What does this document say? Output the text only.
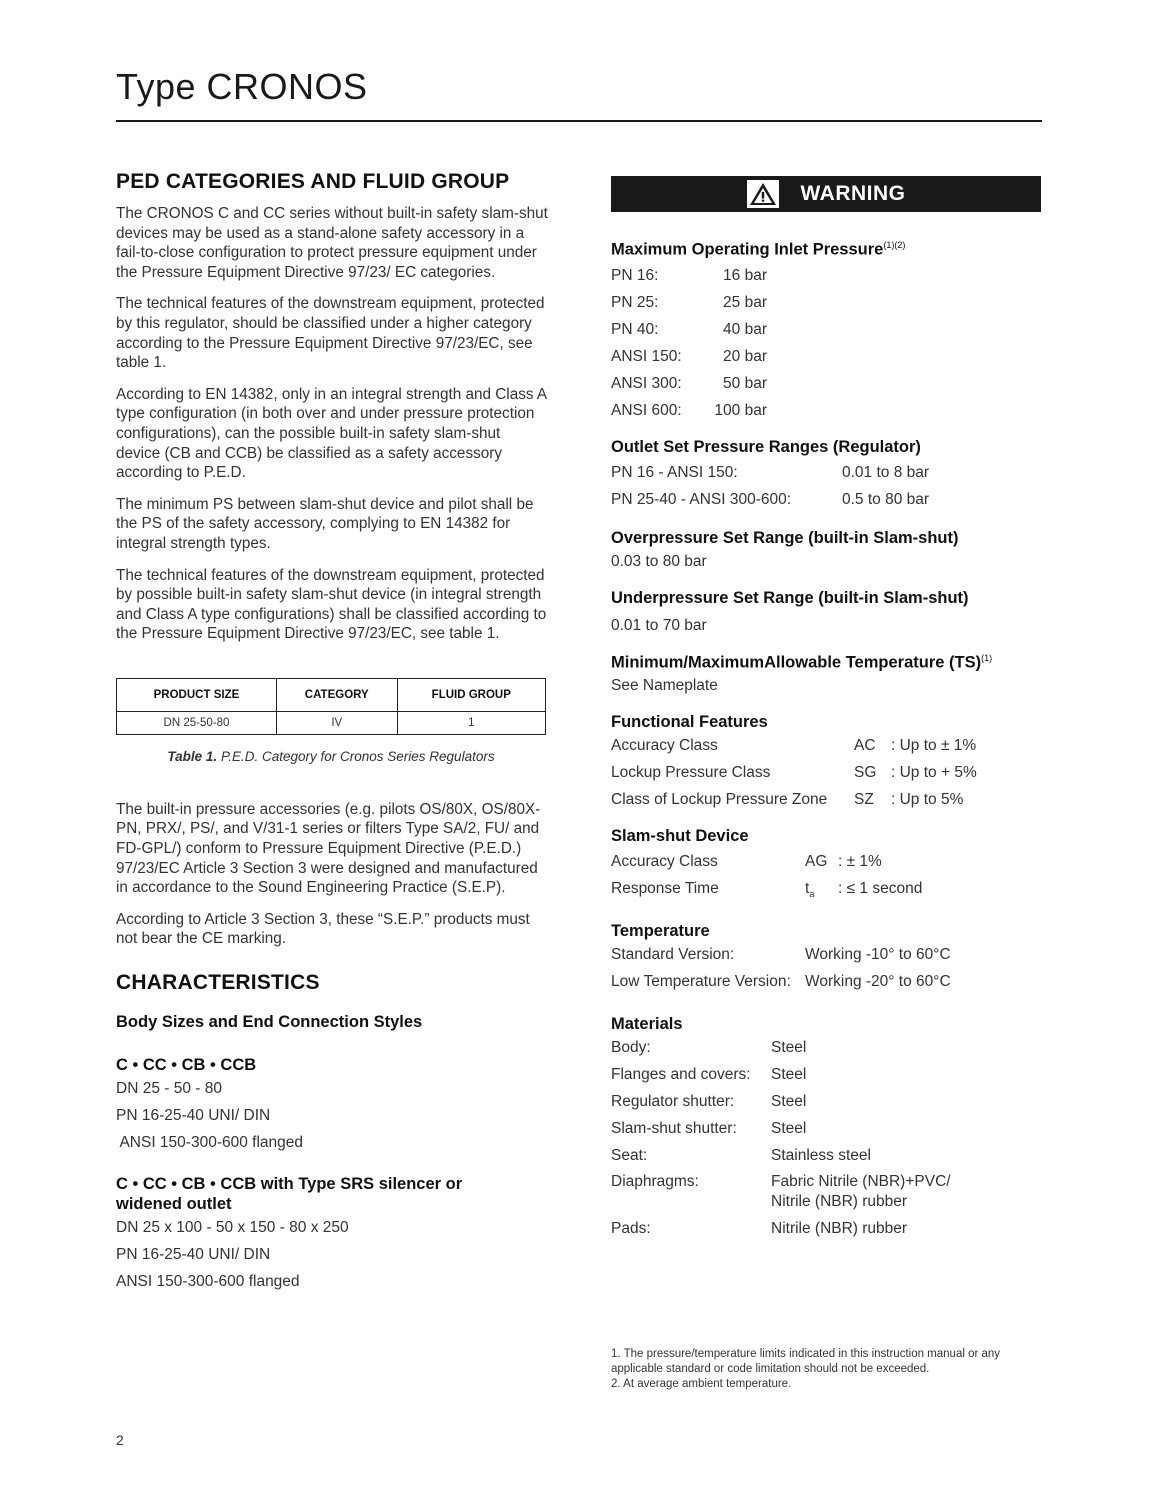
Type CRONOS
PED CATEGORIES AND FLUID GROUP

The CRONOS C and CC series without built-in safety slam-shut devices may be used as a stand-alone safety accessory in a fail-to-close configuration to protect pressure equipment under the Pressure Equipment Directive 97/23/ EC categories.

The technical features of the downstream equipment, protected by this regulator, should be classified under a higher category according to the Pressure Equipment Directive 97/23/EC, see table 1.

According to EN 14382, only in an integral strength and Class A type configuration (in both over and under pressure protection configurations), can the possible built-in safety slam-shut device (CB and CCB) be classified as a safety accessory according to P.E.D.

The minimum PS between slam-shut device and pilot shall be the PS of the safety accessory, complying to EN 14382 for integral strength types.

The technical features of the downstream equipment, protected by possible built-in safety slam-shut device (in integral strength and Class A type configurations) shall be classified according to the Pressure Equipment Directive 97/23/EC, see table 1.

PRODUCT SIZE	CATEGORY	FLUID GROUP
DN 25-50-80	IV	1

Table 1. P.E.D. Category for Cronos Series Regulators

The built-in pressure accessories (e.g. pilots OS/80X, OS/80X-PN, PRX/, PS/, and V/31-1 series or filters Type SA/2, FU/ and FD-GPL/) conform to Pressure Equipment Directive (P.E.D.) 97/23/EC Article 3 Section 3 were designed and manufactured in accordance to the Sound Engineering Practice (S.E.P).

According to Article 3 Section 3, these “S.E.P.” products must not bear the CE marking.

CHARACTERISTICS
Body Sizes and End Connection Styles
C • CC • CB • CCB
DN 25 - 50 - 80
PN 16-25-40 UNI/ DIN
ANSI 150-300-600 flanged
C • CC • CB • CCB with Type SRS silencer or widened outlet
DN 25 x 100 - 50 x 150 - 80 x 250
PN 16-25-40 UNI/ DIN
ANSI 150-300-600 flanged
WARNING
Maximum Operating Inlet Pressure$^{(1)(2)}$
PN 16:	16 bar
PN 25:	25 bar
PN 40:	40 bar
ANSI 150:	20 bar
ANSI 300:	50 bar
ANSI 600:	100 bar
Outlet Set Pressure Ranges (Regulator)
PN 16 - ANSI 150:	0.01 to 8 bar
PN 25-40 - ANSI 300-600:	0.5 to 80 bar
Overpressure Set Range (built-in Slam-shut)
0.03 to 80 bar
Underpressure Set Range (built-in Slam-shut)
0.01 to 70 bar
Minimum/MaximumAllowable Temperature (TS)$^{(1)}$
See Nameplate
Functional Features
Accuracy Class	AC : Up to ± 1%
Lockup Pressure Class	SG : Up to + 5%
Class of Lockup Pressure Zone	SZ	: Up to 5%
Slam-shut Device
Accuracy Class	AG : ± 1%
Response Time	$t_a$	: ≤ 1 second
Temperature
Standard Version:	Working -10° to 60°C
Low Temperature Version: Working -20° to 60°C
Materials
Body:	Steel
Flanges and covers:	Steel
Regulator shutter:	Steel
Slam-shut shutter:	Steel
Seat:	Stainless steel
Diaphragms:	Fabric Nitrile (NBR)+PVC/
Nitrile (NBR) rubber
Pads:	Nitrile (NBR) rubber
1. The pressure/temperature limits indicated in this instruction manual or any applicable standard or code limitation should not be exceeded.
2. At average ambient temperature.
2
